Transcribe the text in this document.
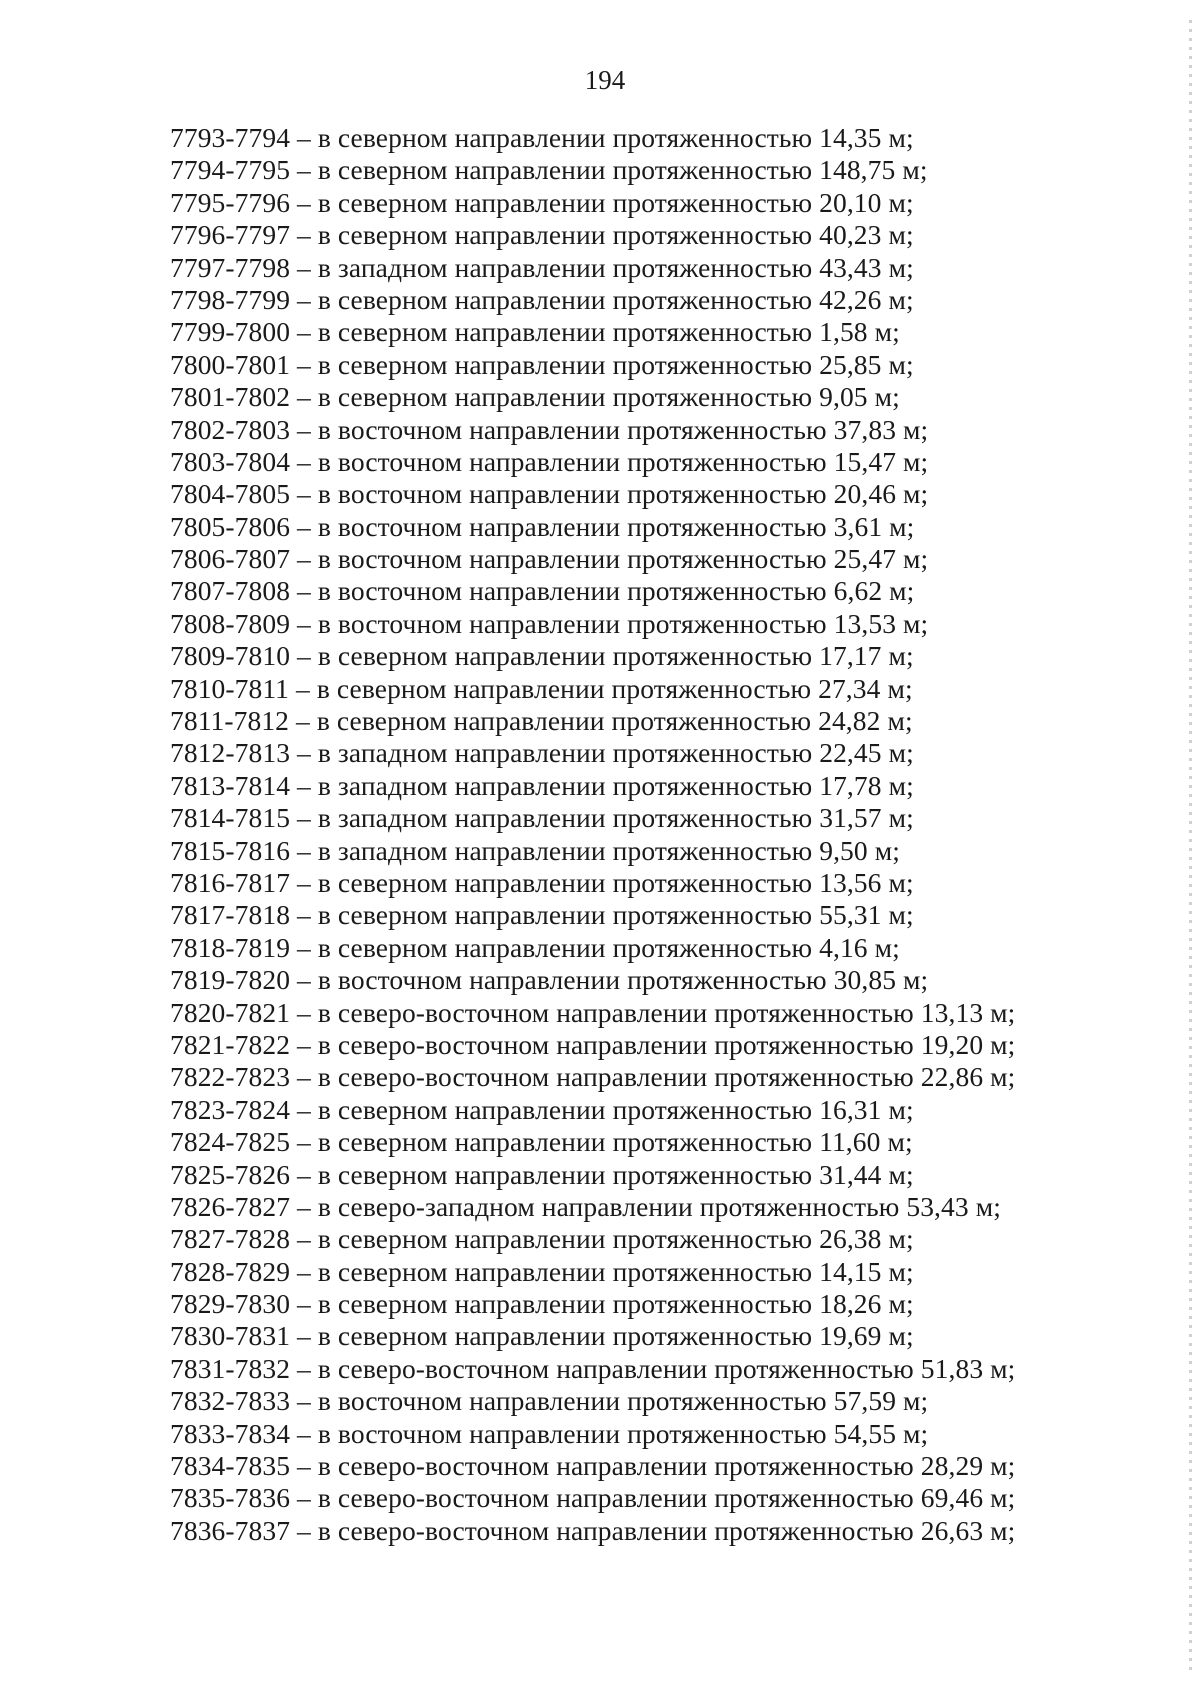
194
7793-7794 – в северном направлении протяженностью 14,35 м;
7794-7795 – в северном направлении протяженностью 148,75 м;
7795-7796 – в северном направлении протяженностью 20,10 м;
7796-7797 – в северном направлении протяженностью 40,23 м;
7797-7798 – в западном направлении протяженностью 43,43 м;
7798-7799 – в северном направлении протяженностью 42,26 м;
7799-7800 – в северном направлении протяженностью 1,58 м;
7800-7801 – в северном направлении протяженностью 25,85 м;
7801-7802 – в северном направлении протяженностью 9,05 м;
7802-7803 – в восточном направлении протяженностью 37,83 м;
7803-7804 – в восточном направлении протяженностью 15,47 м;
7804-7805 – в восточном направлении протяженностью 20,46 м;
7805-7806 – в восточном направлении протяженностью 3,61 м;
7806-7807 – в восточном направлении протяженностью 25,47 м;
7807-7808 – в восточном направлении протяженностью 6,62 м;
7808-7809 – в восточном направлении протяженностью 13,53 м;
7809-7810 – в северном направлении протяженностью 17,17 м;
7810-7811 – в северном направлении протяженностью 27,34 м;
7811-7812 – в северном направлении протяженностью 24,82 м;
7812-7813 – в западном направлении протяженностью 22,45 м;
7813-7814 – в западном направлении протяженностью 17,78 м;
7814-7815 – в западном направлении протяженностью 31,57 м;
7815-7816 – в западном направлении протяженностью 9,50 м;
7816-7817 – в северном направлении протяженностью 13,56 м;
7817-7818 – в северном направлении протяженностью 55,31 м;
7818-7819 – в северном направлении протяженностью 4,16 м;
7819-7820 – в восточном направлении протяженностью 30,85 м;
7820-7821 – в северо-восточном направлении протяженностью 13,13 м;
7821-7822 – в северо-восточном направлении протяженностью 19,20 м;
7822-7823 – в северо-восточном направлении протяженностью 22,86 м;
7823-7824 – в северном направлении протяженностью 16,31 м;
7824-7825 – в северном направлении протяженностью 11,60 м;
7825-7826 – в северном направлении протяженностью 31,44 м;
7826-7827 – в северо-западном направлении протяженностью 53,43 м;
7827-7828 – в северном направлении протяженностью 26,38 м;
7828-7829 – в северном направлении протяженностью 14,15 м;
7829-7830 – в северном направлении протяженностью 18,26 м;
7830-7831 – в северном направлении протяженностью 19,69 м;
7831-7832 – в северо-восточном направлении протяженностью 51,83 м;
7832-7833 – в восточном направлении протяженностью 57,59 м;
7833-7834 – в восточном направлении протяженностью 54,55 м;
7834-7835 – в северо-восточном направлении протяженностью 28,29 м;
7835-7836 – в северо-восточном направлении протяженностью 69,46 м;
7836-7837 – в северо-восточном направлении протяженностью 26,63 м;
